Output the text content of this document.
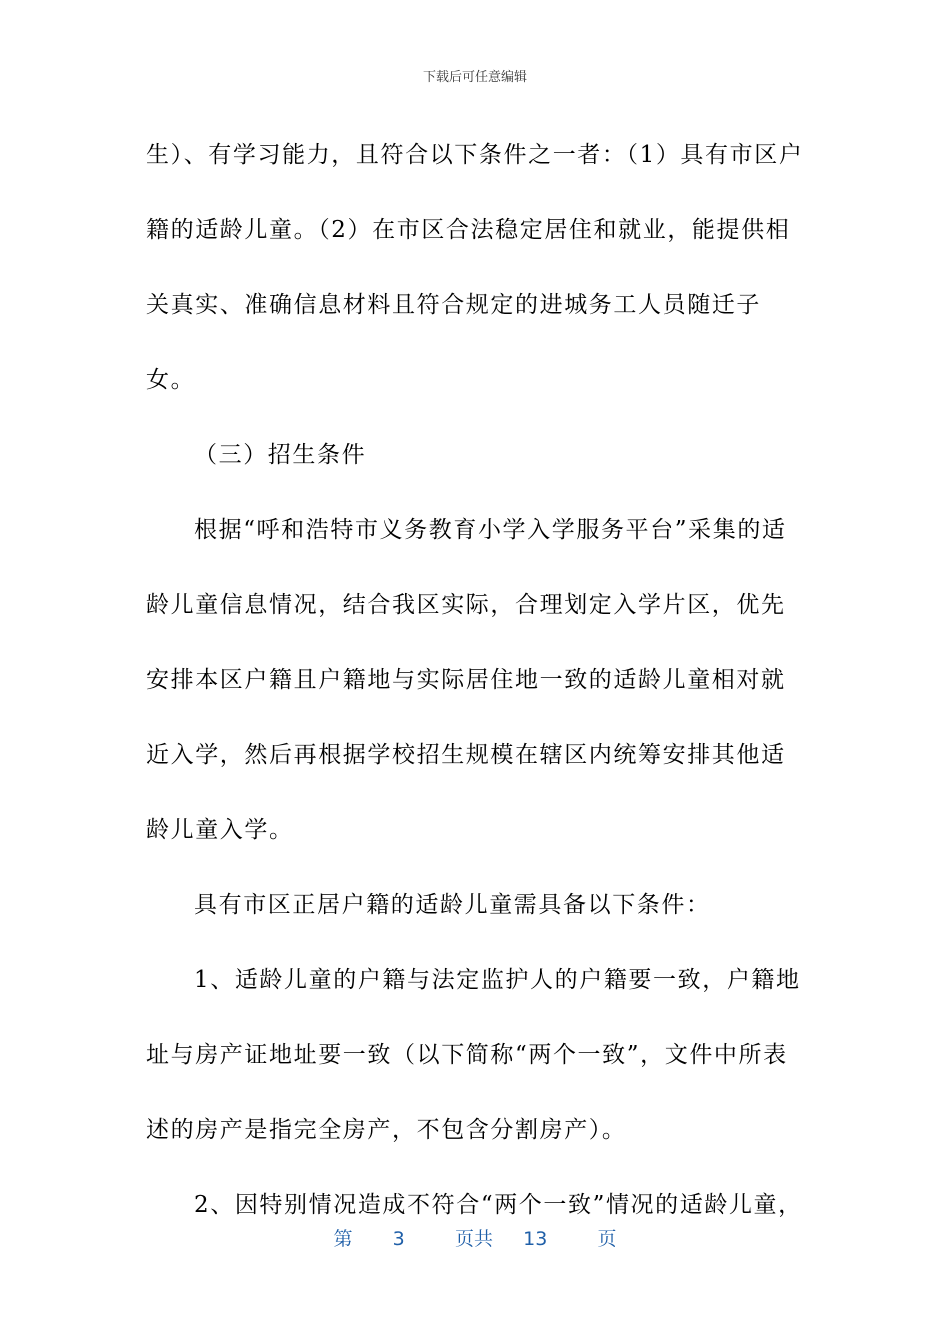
下载后可任意编辑

生）、有学习能力，且符合以下条件之一者：（1）具有市区户籍的适龄儿童。（2）在市区合法稳定居住和就业，能提供相关真实、准确信息材料且符合规定的进城务工人员随迁子女。

（三）招生条件

根据“呼和浩特市义务教育小学入学服务平台”采集的适龄儿童信息情况，结合我区实际，合理划定入学片区，优先安排本区户籍且户籍地与实际居住地一致的适龄儿童相对就近入学，然后再根据学校招生规模在辖区内统筹安排其他适龄儿童入学。

具有市区正居户籍的适龄儿童需具备以下条件：

1、适龄儿童的户籍与法定监护人的户籍要一致，户籍地址与房产证地址要一致（以下简称“两个一致”，文件中所表述的房产是指完全房产，不包含分割房产）。

2、因特别情况造成不符合“两个一致”情况的适龄儿童，

第 3	页共 13	页
